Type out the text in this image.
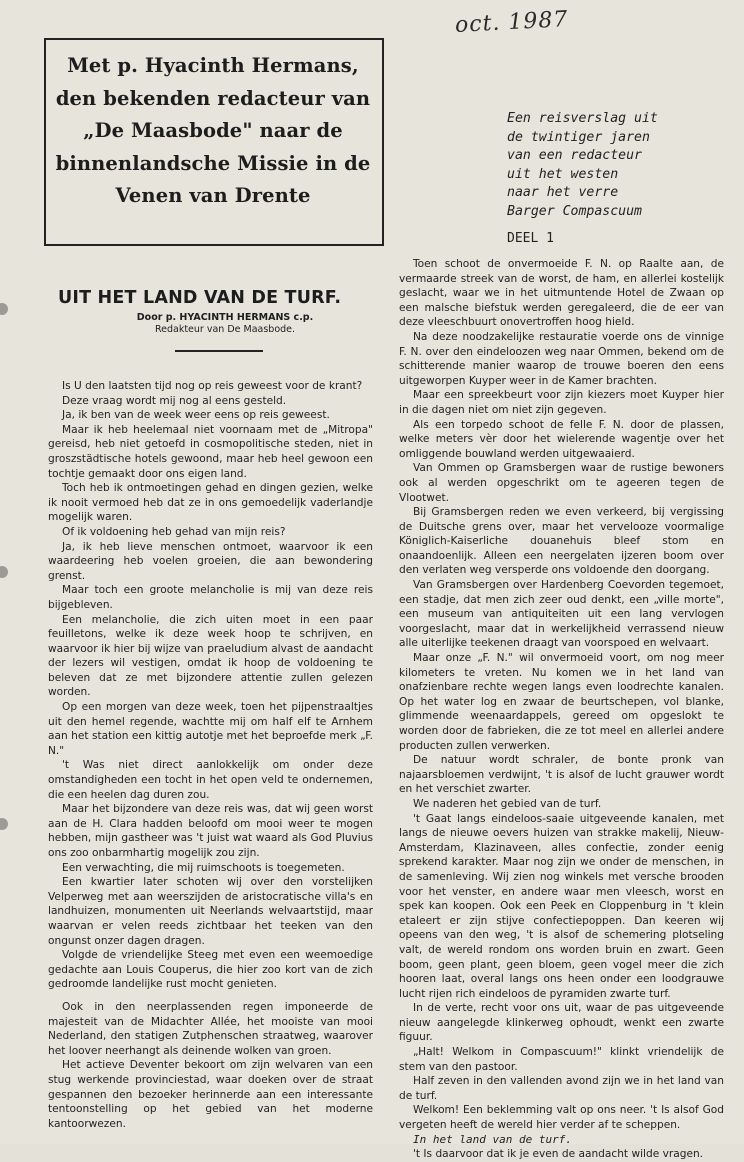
oct. 1987
Met p. Hyacinth Hermans, den bekenden redacteur van „De Maasbode" naar de binnenlandsche Missie in de Venen van Drente
Een reisverslag uit
de twintiger jaren
van een redacteur
uit het westen
naar het verre
Barger Compascuum
DEEL 1
UIT HET LAND VAN DE TURF.
Door p. HYACINTH HERMANS c.p.
Redakteur van De Maasbode.

Is U den laatsten tijd nog op reis geweest voor de krant?

Deze vraag wordt mij nog al eens gesteld.

Ja, ik ben van de week weer eens op reis geweest.

Maar ik heb heelemaal niet voornaam met de „Mitropa" gereisd, heb niet getoefd in cosmopolitische steden, niet in groszstädtische hotels gewoond, maar heb heel gewoon een tochtje gemaakt door ons eigen land.

Toch heb ik ontmoetingen gehad en dingen gezien, welke ik nooit vermoed heb dat ze in ons gemoedelijk vaderlandje mogelijk waren.

Of ik voldoening heb gehad van mijn reis?

Ja, ik heb lieve menschen ontmoet, waarvoor ik een waardeering heb voelen groeien, die aan bewondering grenst.

Maar toch een groote melancholie is mij van deze reis bijgebleven.

Een melancholie, die zich uiten moet in een paar feuilletons, welke ik deze week hoop te schrijven, en waarvoor ik hier bij wijze van praeludium alvast de aandacht der lezers wil vestigen, omdat ik hoop de voldoening te beleven dat ze met bijzondere attentie zullen gelezen worden.

Op een morgen van deze week, toen het pijpenstraaltjes uit den hemel regende, wachtte mij om half elf te Arnhem aan het station een kittig autotje met het beproefde merk „F. N."

't Was niet direct aanlokkelijk om onder deze omstandigheden een tocht in het open veld te ondernemen, die een heelen dag duren zou.

Maar het bijzondere van deze reis was, dat wij geen worst aan de H. Clara hadden beloofd om mooi weer te mogen hebben, mijn gastheer was 't juist wat waard als God Pluvius ons zoo onbarmhartig mogelijk zou zijn.

Een verwachting, die mij ruimschoots is toegemeten.

Een kwartier later schoten wij over den vorstelijken Velperweg met aan weerszijden de aristocratische villa's en landhuizen, monumenten uit Neerlands welvaartstijd, maar waarvan er velen reeds zichtbaar het teeken van den ongunst onzer dagen dragen.

Volgde de vriendelijke Steeg met even een weemoedige gedachte aan Louis Couperus, die hier zoo kort van de zich gedroomde landelijke rust mocht genieten.

Ook in den neerplassenden regen imponeerde de majesteit van de Midachter Allée, het mooiste van mooi Nederland, den statigen Zutphenschen straatweg, waarover het loover neerhangt als deinende wolken van groen.

Het actieve Deventer bekoort om zijn welvaren van een stug werkende provinciestad, waar doeken over de straat gespannen den bezoeker herinnerde aan een interessante tentoonstelling op het gebied van het moderne kantoorwezen.

Toen schoot de onvermoeide F. N. op Raalte aan, de vermaarde streek van de worst, de ham, en allerlei kostelijk geslacht, waar we in het uitmuntende Hotel de Zwaan op een malsche biefstuk werden geregaleerd, die de eer van deze vleeschbuurt onovertroffen hoog hield.

Na deze noodzakelijke restauratie voerde ons de vinnige F. N. over den eindeloozen weg naar Ommen, bekend om de schitterende manier waarop de trouwe boeren den eens uitgeworpen Kuyper weer in de Kamer brachten.

Maar een spreekbeurt voor zijn kiezers moet Kuyper hier in die dagen niet om niet zijn gegeven.

Als een torpedo schoot de felle F. N. door de plassen, welke meters vèr door het wielerende wagentje over het omliggende bouwland werden uitgewaaierd.

Van Ommen op Gramsbergen waar de rustige bewoners ook al werden opgeschrikt om te ageeren tegen de Vlootwet.

Bij Gramsbergen reden we even verkeerd, bij vergissing de Duitsche grens over, maar het vervelooze voormalige Königlich-Kaiserliche douanehuis bleef stom en onaandoenlijk. Alleen een neergelaten ijzeren boom over den verlaten weg versperde ons voldoende den doorgang.

Van Gramsbergen over Hardenberg Coevorden tegemoet, een stadje, dat men zich zeer oud denkt, een „ville morte", een museum van antiquiteiten uit een lang vervlogen voorgeslacht, maar dat in werkelijkheid verrassend nieuw alle uiterlijke teekenen draagt van voorspoed en welvaart.

Maar onze „F. N." wil onvermoeid voort, om nog meer kilometers te vreten. Nu komen we in het land van onafzienbare rechte wegen langs even loodrechte kanalen. Op het water log en zwaar de beurtschepen, vol blanke, glimmende weenaardappels, gereed om opgeslokt te worden door de fabrieken, die ze tot meel en allerlei andere producten zullen verwerken.

De natuur wordt schraler, de bonte pronk van najaarsbloemen verdwijnt, 't is alsof de lucht grauwer wordt en het verschiet zwarter.

We naderen het gebied van de turf.

't Gaat langs eindeloos-saaie uitgeveende kanalen, met langs de nieuwe oevers huizen van strakke makelij, Nieuw-Amsterdam, Klazinaveen, alles confectie, zonder eenig sprekend karakter. Maar nog zijn we onder de menschen, in de samenleving. Wij zien nog winkels met versche brooden voor het venster, en andere waar men vleesch, worst en spek kan koopen. Ook een Peek en Cloppenburg in 't klein etaleert er zijn stijve confectiepoppen. Dan keeren wij opeens van den weg, 't is alsof de schemering plotseling valt, de wereld rondom ons worden bruin en zwart. Geen boom, geen plant, geen bloem, geen vogel meer die zich hooren laat, overal langs ons heen onder een loodgrauwe lucht rijen rich eindeloos de pyramiden zwarte turf.

In de verte, recht voor ons uit, waar de pas uitgeveende nieuw aangelegde klinkerweg ophoudt, wenkt een zwarte figuur.

„Halt! Welkom in Compascuum!" klinkt vriendelijk de stem van den pastoor.

Half zeven in den vallenden avond zijn we in het land van de turf.

Welkom! Een beklemming valt op ons neer. 't Is alsof God vergeten heeft de wereld hier verder af te scheppen.

In het land van de turf.

't Is daarvoor dat ik je even de aandacht wilde vragen.
